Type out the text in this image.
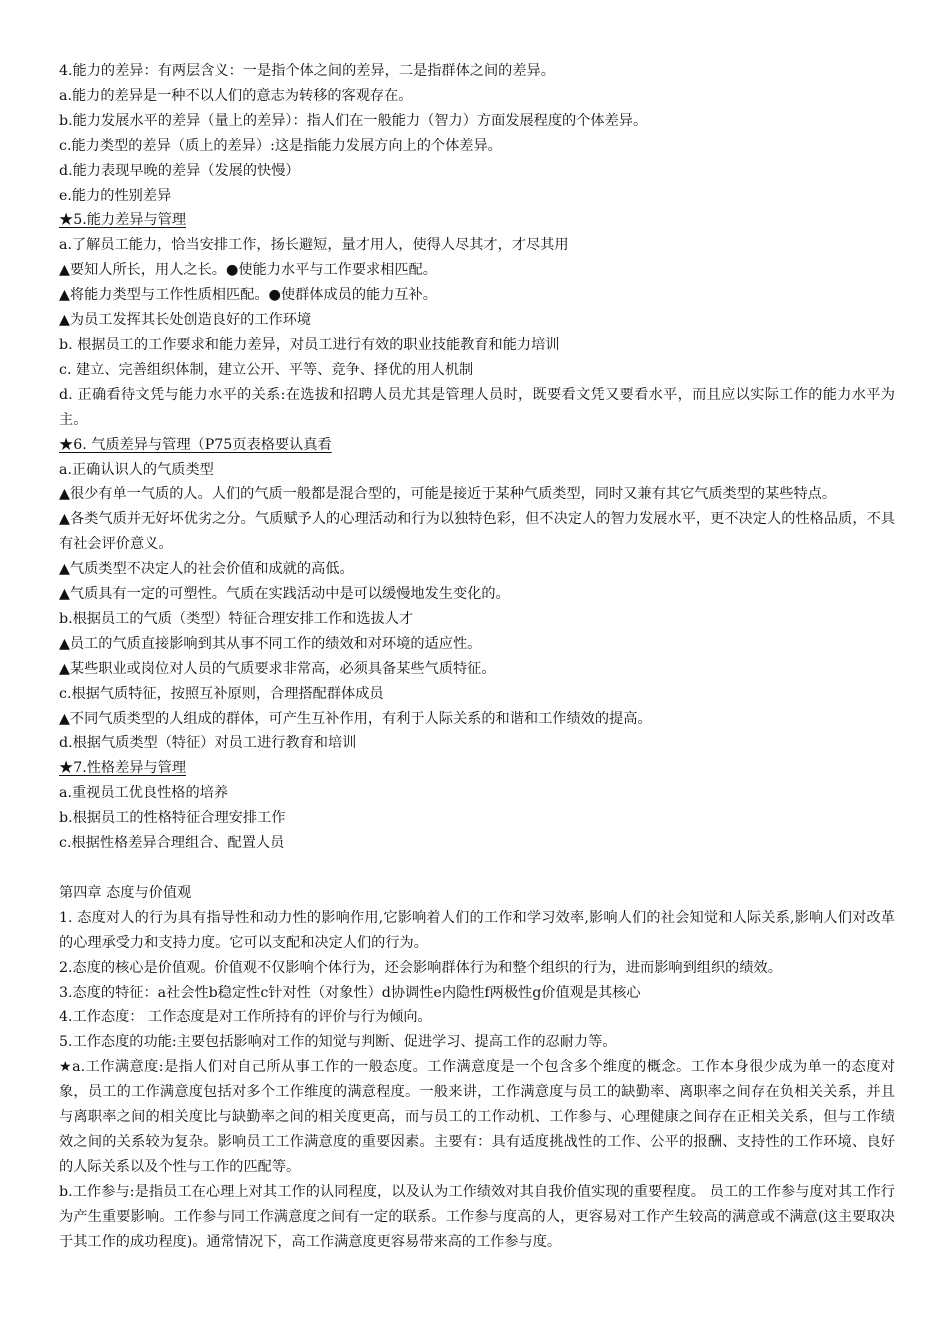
4.能力的差异：有两层含义：一是指个体之间的差异，二是指群体之间的差异。
a.能力的差异是一种不以人们的意志为转移的客观存在。
b.能力发展水平的差异（量上的差异）：指人们在一般能力（智力）方面发展程度的个体差异。
c.能力类型的差异（质上的差异）:这是指能力发展方向上的个体差异。
d.能力表现早晚的差异（发展的快慢）
e.能力的性别差异
★5.能力差异与管理
a.了解员工能力，恰当安排工作，扬长避短，量才用人，使得人尽其才，才尽其用
▲要知人所长，用人之长。●使能力水平与工作要求相匹配。
▲将能力类型与工作性质相匹配。●使群体成员的能力互补。
▲为员工发挥其长处创造良好的工作环境
b. 根据员工的工作要求和能力差异，对员工进行有效的职业技能教育和能力培训
c. 建立、完善组织体制，建立公开、平等、竞争、择优的用人机制
d. 正确看待文凭与能力水平的关系:在选拔和招聘人员尤其是管理人员时，既要看文凭又要看水平，而且应以实际工作的能力水平为主。
★6. 气质差异与管理（P75页表格要认真看
a.正确认识人的气质类型
▲很少有单一气质的人。人们的气质一般都是混合型的，可能是接近于某种气质类型，同时又兼有其它气质类型的某些特点。
▲各类气质并无好坏优劣之分。气质赋予人的心理活动和行为以独特色彩，但不决定人的智力发展水平，更不决定人的性格品质，不具有社会评价意义。
▲气质类型不决定人的社会价值和成就的高低。
▲气质具有一定的可塑性。气质在实践活动中是可以缓慢地发生变化的。
b.根据员工的气质（类型）特征合理安排工作和选拔人才
▲员工的气质直接影响到其从事不同工作的绩效和对环境的适应性。
▲某些职业或岗位对人员的气质要求非常高，必须具备某些气质特征。
c.根据气质特征，按照互补原则，合理搭配群体成员
▲不同气质类型的人组成的群体，可产生互补作用，有利于人际关系的和谐和工作绩效的提高。
d.根据气质类型（特征）对员工进行教育和培训
★7.性格差异与管理
a.重视员工优良性格的培养
b.根据员工的性格特征合理安排工作
c.根据性格差异合理组合、配置人员
第四章 态度与价值观
1. 态度对人的行为具有指导性和动力性的影响作用,它影响着人们的工作和学习效率,影响人们的社会知觉和人际关系,影响人们对改革的心理承受力和支持力度。它可以支配和决定人们的行为。
2.态度的核心是价值观。价值观不仅影响个体行为，还会影响群体行为和整个组织的行为，进而影响到组织的绩效。
3.态度的特征：a社会性b稳定性c针对性（对象性）d协调性e内隐性f两极性g价值观是其核心
4.工作态度： 工作态度是对工作所持有的评价与行为倾向。
5.工作态度的功能:主要包括影响对工作的知觉与判断、促进学习、提高工作的忍耐力等。
★a.工作满意度:是指人们对自己所从事工作的一般态度。工作满意度是一个包含多个维度的概念。工作本身很少成为单一的态度对象，员工的工作满意度包括对多个工作维度的满意程度。一般来讲，工作满意度与员工的缺勤率、离职率之间存在负相关关系，并且与离职率之间的相关度比与缺勤率之间的相关度更高，而与员工的工作动机、工作参与、心理健康之间存在正相关关系，但与工作绩效之间的关系较为复杂。影响员工工作满意度的重要因素。主要有：具有适度挑战性的工作、公平的报酬、支持性的工作环境、良好的人际关系以及个性与工作的匹配等。
b.工作参与:是指员工在心理上对其工作的认同程度，以及认为工作绩效对其自我价值实现的重要程度。 员工的工作参与度对其工作行为产生重要影响。工作参与同工作满意度之间有一定的联系。工作参与度高的人，更容易对工作产生较高的满意或不满意(这主要取决于其工作的成功程度)。通常情况下，高工作满意度更容易带来高的工作参与度。
